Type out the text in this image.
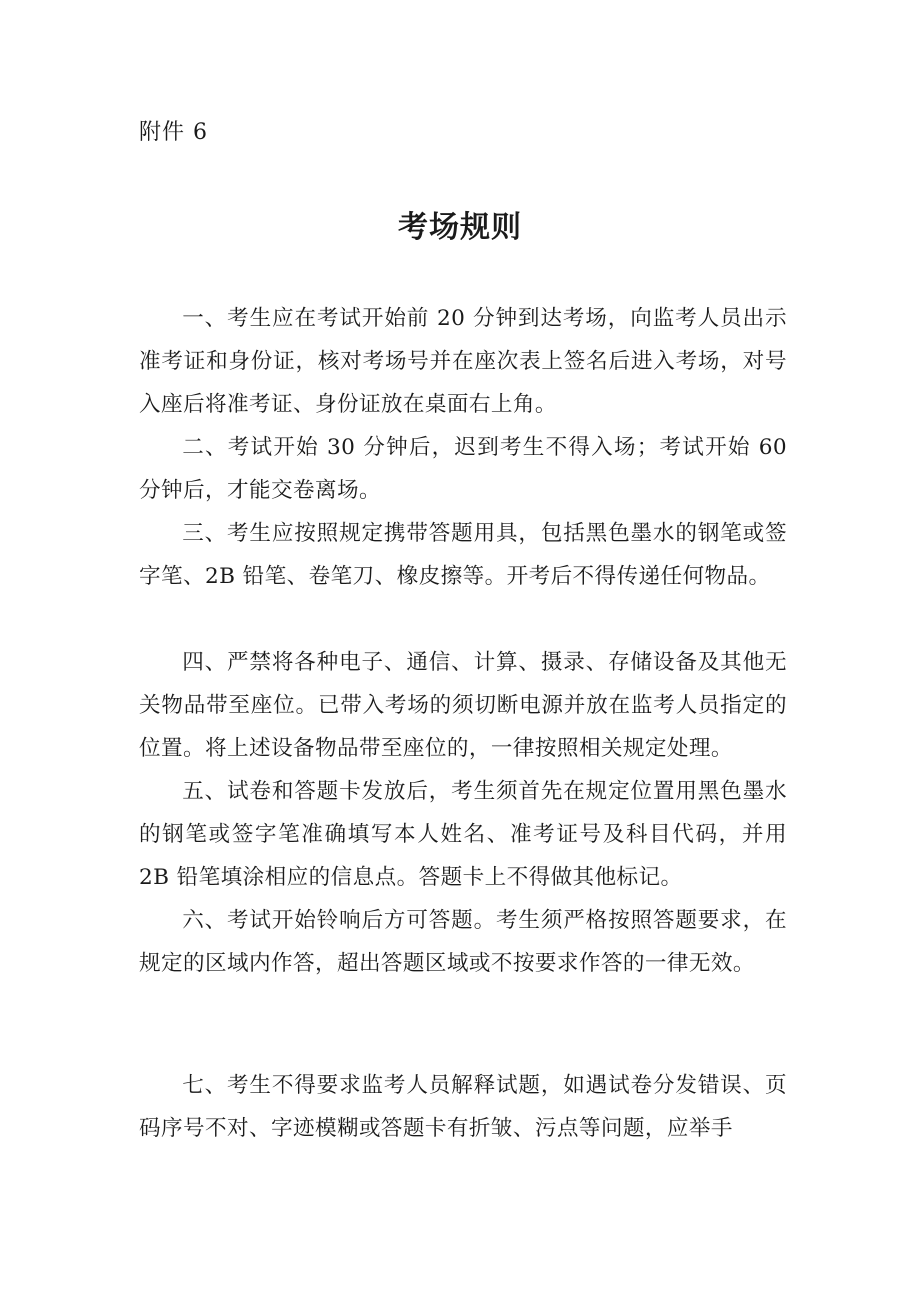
附件 6
考场规则

一、考生应在考试开始前 20 分钟到达考场，向监考人员出示准考证和身份证，核对考场号并在座次表上签名后进入考场，对号入座后将准考证、身份证放在桌面右上角。

二、考试开始 30 分钟后，迟到考生不得入场；考试开始 60 分钟后，才能交卷离场。

三、考生应按照规定携带答题用具，包括黑色墨水的钢笔或签字笔、2B 铅笔、卷笔刀、橡皮擦等。开考后不得传递任何物品。

四、严禁将各种电子、通信、计算、摄录、存储设备及其他无关物品带至座位。已带入考场的须切断电源并放在监考人员指定的位置。将上述设备物品带至座位的，一律按照相关规定处理。

五、试卷和答题卡发放后，考生须首先在规定位置用黑色墨水的钢笔或签字笔准确填写本人姓名、准考证号及科目代码，并用 2B 铅笔填涂相应的信息点。答题卡上不得做其他标记。

六、考试开始铃响后方可答题。考生须严格按照答题要求，在规定的区域内作答，超出答题区域或不按要求作答的一律无效。

七、考生不得要求监考人员解释试题，如遇试卷分发错误、页码序号不对、字迹模糊或答题卡有折皱、污点等问题，应举手
